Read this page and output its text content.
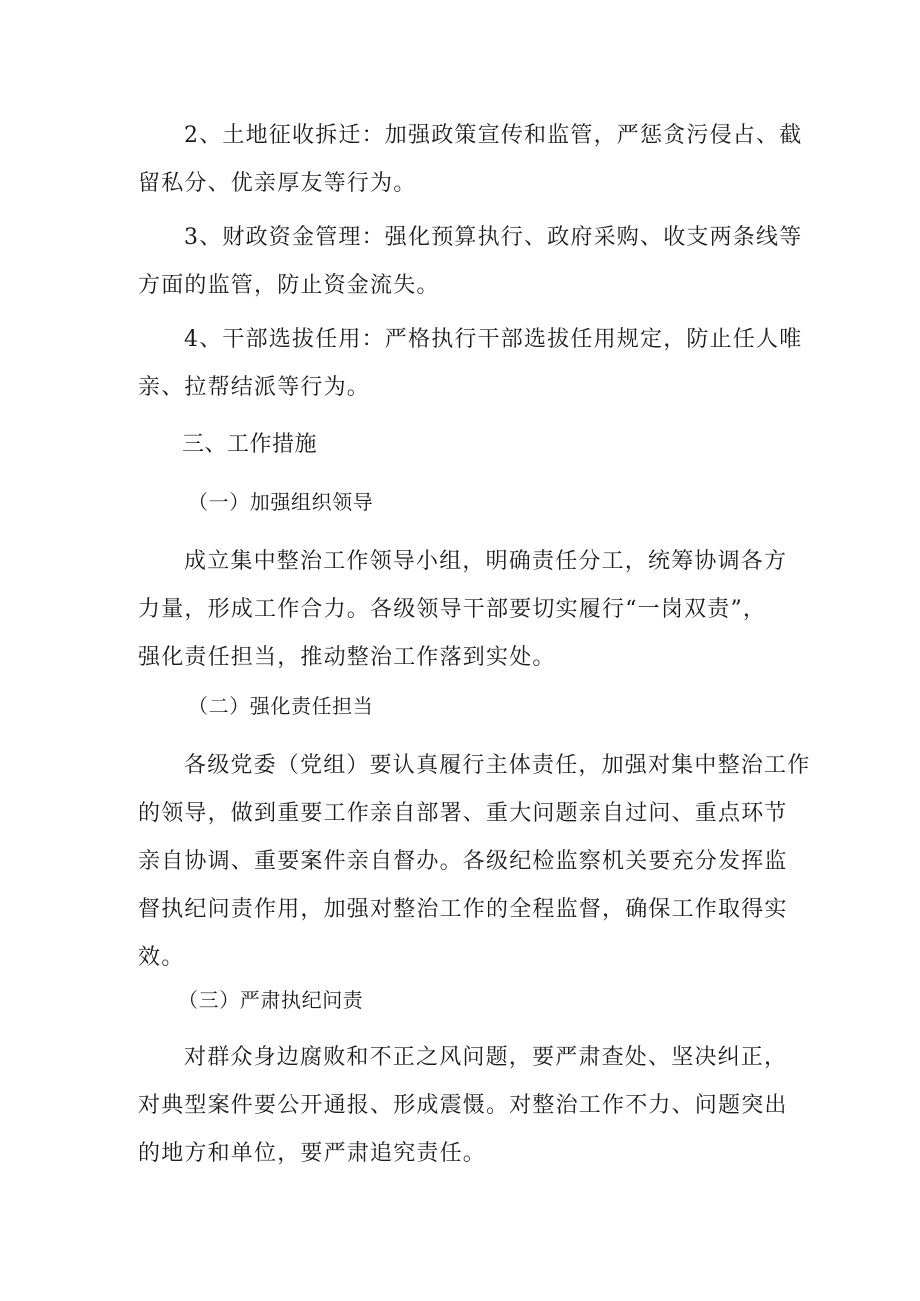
2、土地征收拆迁：加强政策宣传和监管，严惩贪污侵占、截
留私分、优亲厚友等行为。
3、财政资金管理：强化预算执行、政府采购、收支两条线等
方面的监管，防止资金流失。
4、干部选拔任用：严格执行干部选拔任用规定，防止任人唯
亲、拉帮结派等行为。
三、工作措施
（一）加强组织领导
成立集中整治工作领导小组，明确责任分工，统筹协调各方
力量，形成工作合力。各级领导干部要切实履行“一岗双责”，
强化责任担当，推动整治工作落到实处。
（二）强化责任担当
各级党委（党组）要认真履行主体责任，加强对集中整治工作
的领导，做到重要工作亲自部署、重大问题亲自过问、重点环节
亲自协调、重要案件亲自督办。各级纪检监察机关要充分发挥监
督执纪问责作用，加强对整治工作的全程监督，确保工作取得实
效。
（三）严肃执纪问责
对群众身边腐败和不正之风问题，要严肃查处、坚决纠正，
对典型案件要公开通报、形成震慑。对整治工作不力、问题突出
的地方和单位，要严肃追究责任。
